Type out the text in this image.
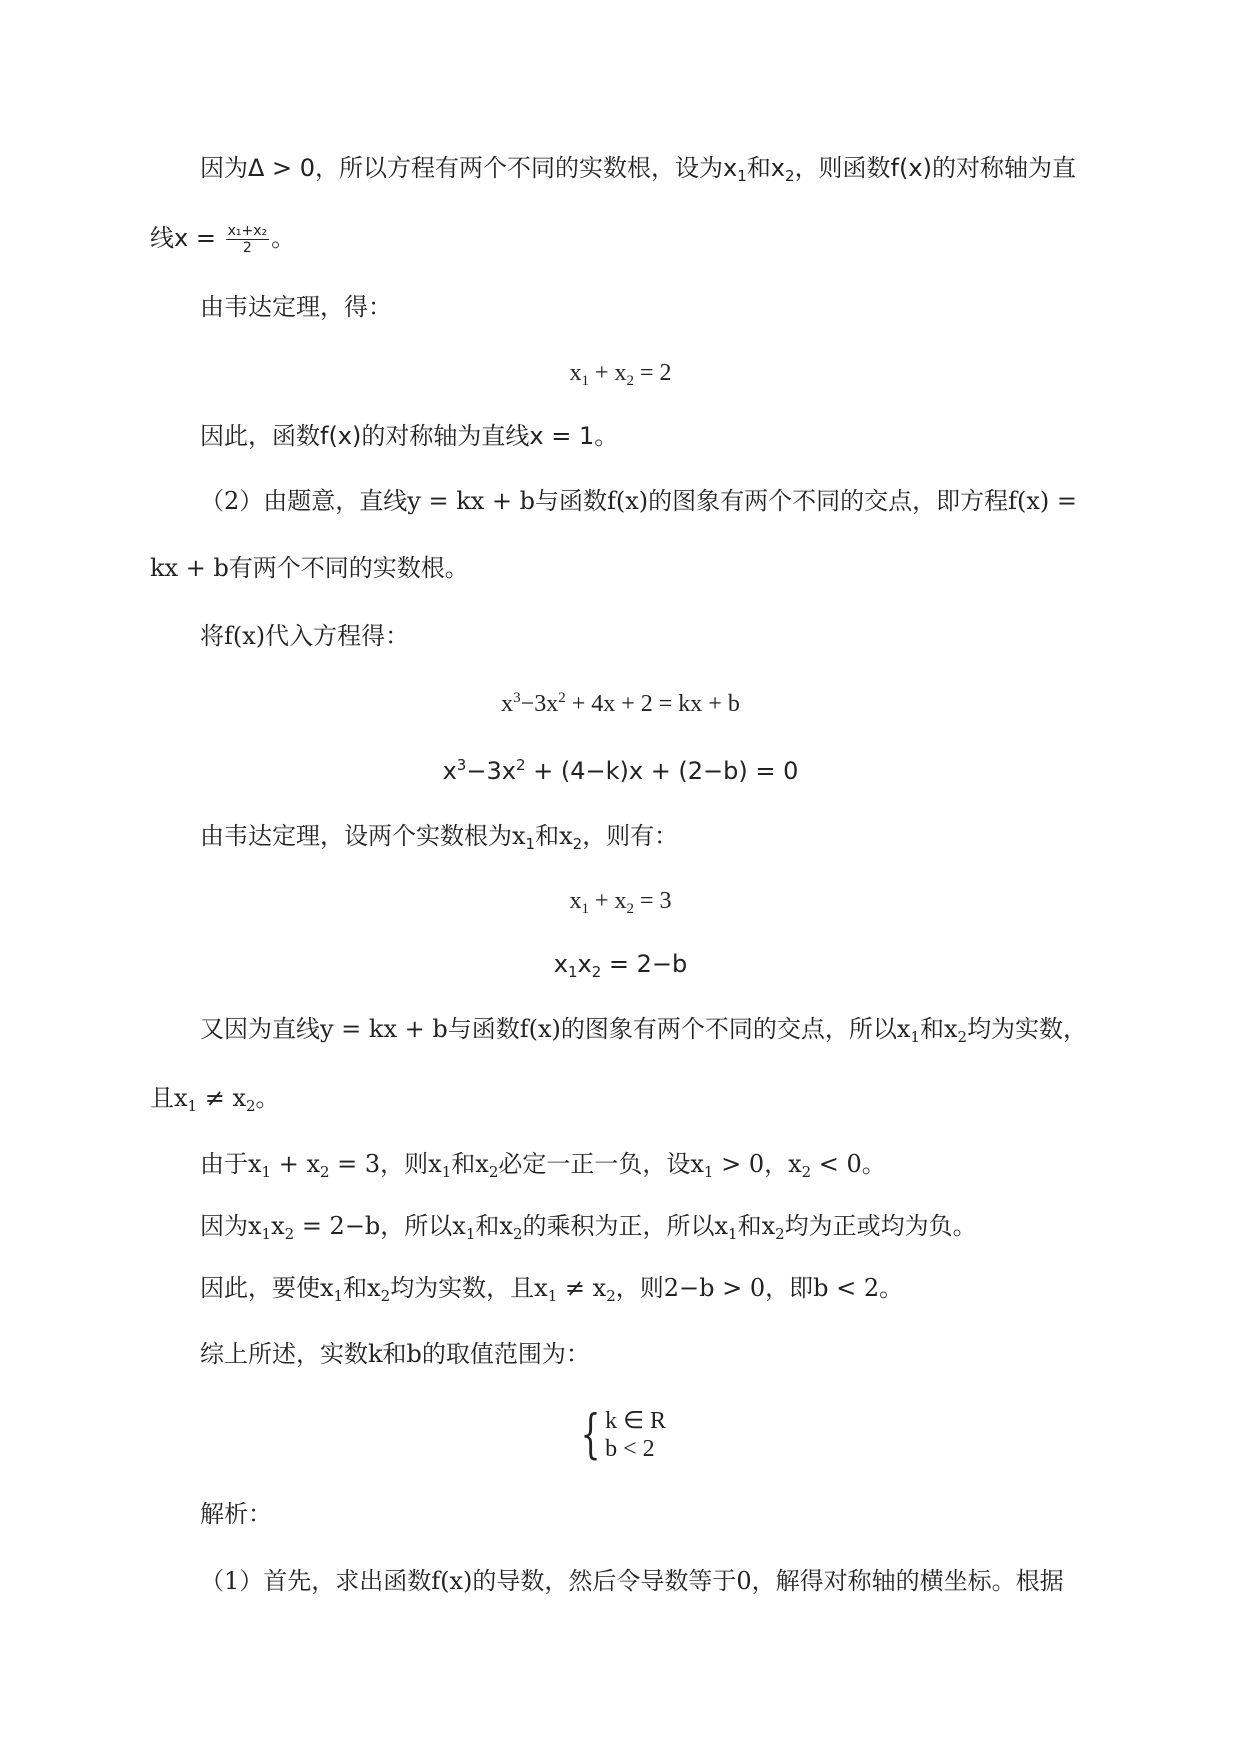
因为Δ > 0，所以方程有两个不同的实数根，设为$x_1$和$x_2$，则函数f(x)的对称轴为直
线$x = \frac{\text{x₁+x₂}}{2}$ 。
由韦达定理，得：
$x_1 + x_2 = 2$
因此，函数f(x)的对称轴为直线x = 1。
（2）由题意，直线y = kx + b与函数f(x)的图象有两个不同的交点，即方程f(x) =
kx + b有两个不同的实数根。
将f(x)代入方程得：
$x^3-3x^2 + 4x + 2$ = kx + b
$x^3-3x^2 + (4-k)x + (2-b) = 0$
由韦达定理，设两个实数根为$x_1$和$x_2$，则有：
$x_1 + x_2 = 3$
$x_1x_2 = 2-b$
又因为直线y = kx + b与函数f(x)的图象有两个不同的交点，所以$x_1$和$x_2$均为实数，
且$x_1 \ne x_2$。
由于$x_1 + x_2 = 3$，则$x_1$和$x_2$必定一正一负，设$x_1 > 0$，$x_2 < 0$。
因为$x_1x_2 = 2-b$，所以$x_1$和$x_2$的乘积为正，所以$x_1$和$x_2$均为正或均为负。
因此，要使$x_1$和$x_2$均为实数，且$x_1 \ne x_2$，则2−b > 0，即b < 2。
综上所述，实数k和b的取值范围为：
{ k ∈ R
b < 2
解析：
（1）首先，求出函数f(x)的导数，然后令导数等于0，解得对称轴的横坐标。根据
